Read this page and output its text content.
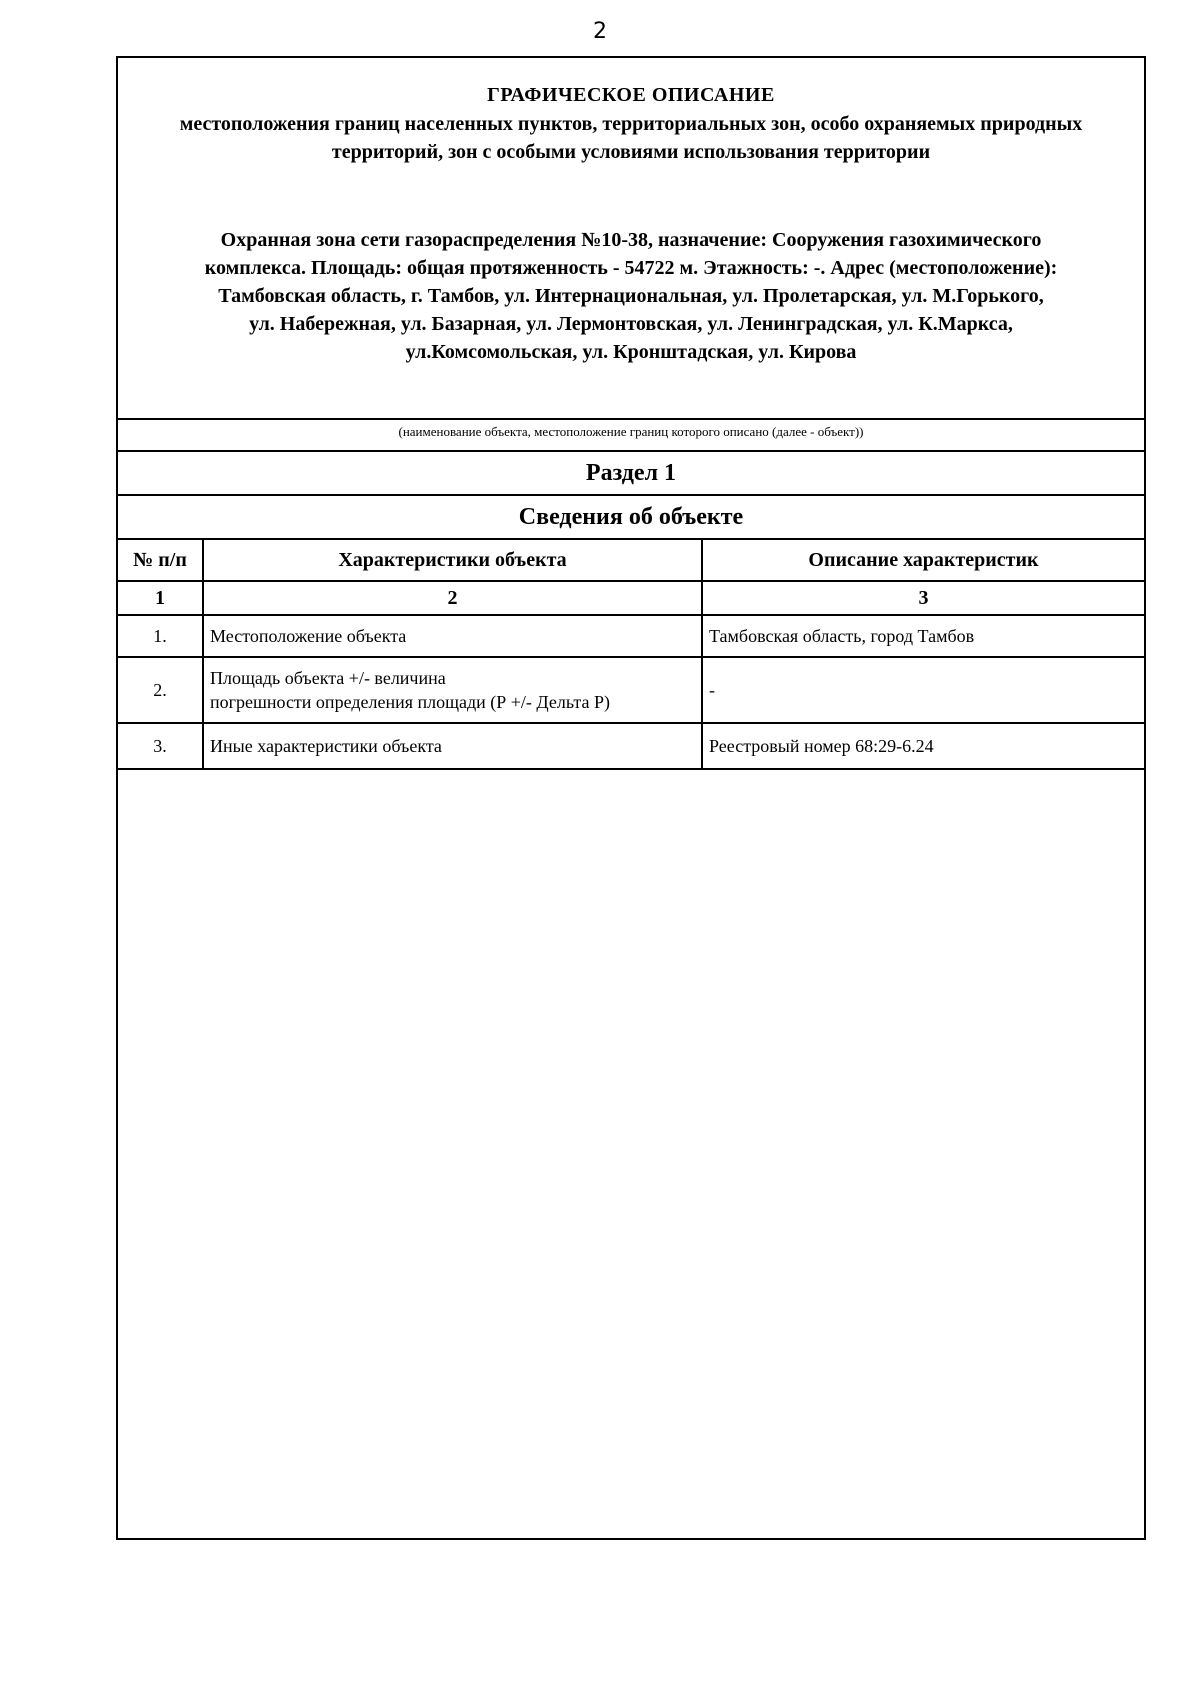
2
ГРАФИЧЕСКОЕ ОПИСАНИЕ
местоположения границ населенных пунктов, территориальных зон, особо охраняемых природных территорий, зон с особыми условиями использования территории
Охранная зона сети газораспределения №10-38, назначение: Сооружения газохимического
комплекса. Площадь: общая протяженность - 54722 м. Этажность: -. Адрес (местоположение):
Тамбовская область, г. Тамбов, ул. Интернациональная, ул. Пролетарская, ул. М.Горького,
ул. Набережная, ул. Базарная, ул. Лермонтовская, ул. Ленинградская, ул. К.Маркса,
ул.Комсомольская, ул. Кронштадская, ул. Кирова
(наименование объекта, местоположение границ которого описано (далее - объект))
Раздел 1
Сведения об объекте
№ п/п	Характеристики объекта	Описание характеристик
1	2	3
1.	Местоположение объекта	Тамбовская область, город Тамбов
2.	Площадь объекта +/- величина
погрешности определения площади (Р +/- Дельта Р)	-
3.	Иные характеристики объекта	Реестровый номер 68:29-6.24
